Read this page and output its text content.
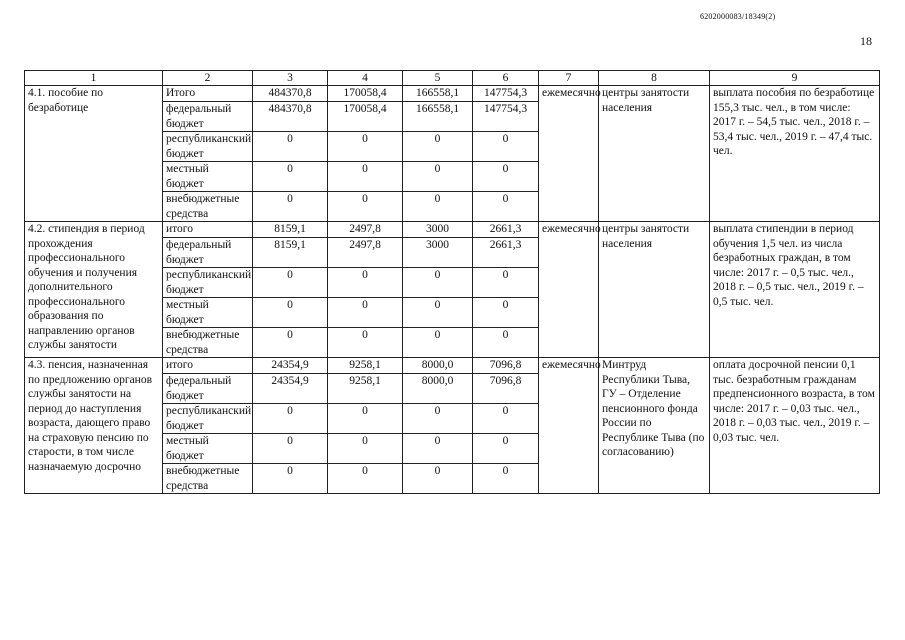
6202000083/18349(2)
18
1	2	3	4	5	6	7	8	9
4.1. пособие по безработице	Итого	484370,8	170058,4	166558,1	147754,3	ежемесячно	центры занятости населения	выплата пособия по безработице 155,3 тыс. чел., в том числе: 2017 г. – 54,5 тыс. чел., 2018 г. – 53,4 тыс. чел., 2019 г. – 47,4 тыс. чел.
	федеральный бюджет	484370,8	170058,4	166558,1	147754,3			
	республиканский бюджет	0	0	0	0			
	местный бюджет	0	0	0	0			
	внебюджетные средства	0	0	0	0			
4.2. стипендия в период прохождения профессионального обучения и получения дополнительного профессионального образования по направлению органов службы занятости	итого	8159,1	2497,8	3000	2661,3	ежемесячно	центры занятости населения	выплата стипендии в период обучения 1,5 чел. из числа безработных граждан, в том числе: 2017 г. – 0,5 тыс. чел., 2018 г. – 0,5 тыс. чел., 2019 г. – 0,5 тыс. чел.
	федеральный бюджет	8159,1	2497,8	3000	2661,3			
	республиканский бюджет	0	0	0	0			
	местный бюджет	0	0	0	0			
	внебюджетные средства	0	0	0	0			
4.3. пенсия, назначенная по предложению органов службы занятости на период до наступления возраста, дающего право на страховую пенсию по старости, в том числе назначаемую досрочно	итого	24354,9	9258,1	8000,0	7096,8	ежемесячно	Минтруд Республики Тыва, ГУ – Отделение пенсионного фонда России по Республике Тыва (по согласованию)	оплата досрочной пенсии 0,1 тыс. безработным гражданам предпенсионного возраста, в том числе: 2017 г. – 0,03 тыс. чел., 2018 г. – 0,03 тыс. чел., 2019 г. – 0,03 тыс. чел.
	федеральный бюджет	24354,9	9258,1	8000,0	7096,8			
	республиканский бюджет	0	0	0	0			
	местный бюджет	0	0	0	0			
	внебюджетные средства	0	0	0	0			
